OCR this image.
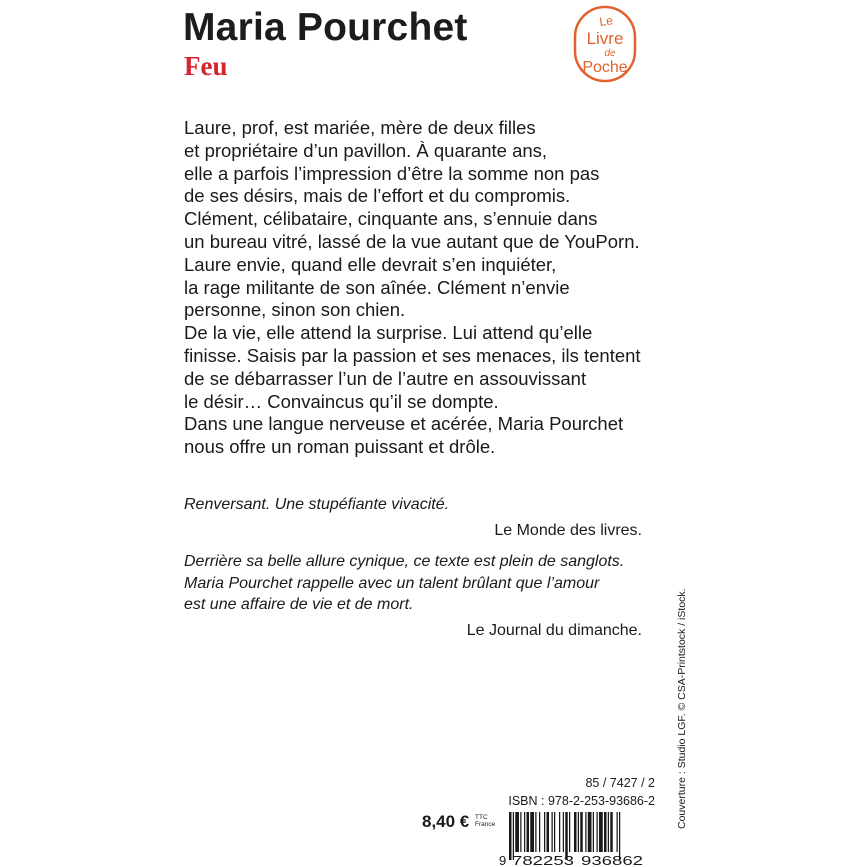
Maria Pourchet
Feu
Le
Livre
de
Poche
Laure, prof, est mariée, mère de deux filles
et propriétaire d’un pavillon. À quarante ans,
elle a parfois l’impression d’être la somme non pas
de ses désirs, mais de l’effort et du compromis.
Clément, célibataire, cinquante ans, s’ennuie dans
un bureau vitré, lassé de la vue autant que de YouPorn.
Laure envie, quand elle devrait s’en inquiéter,
la rage militante de son aînée. Clément n’envie
personne, sinon son chien.
De la vie, elle attend la surprise. Lui attend qu’elle
finisse. Saisis par la passion et ses menaces, ils tentent
de se débarrasser l’un de l’autre en assouvissant
le désir… Convaincus qu’il se dompte.
Dans une langue nerveuse et acérée, Maria Pourchet
nous offre un roman puissant et drôle.
Renversant. Une stupéfiante vivacité.
Le Monde des livres.
Derrière sa belle allure cynique, ce texte est plein de sanglots.
Maria Pourchet rappelle avec un talent brûlant que l’amour
est une affaire de vie et de mort.
Le Journal du dimanche.	Couverture : Studio LGF. © CSA-Printstock / iStock.
85 / 7427 / 2
ISBN : 978-2-253-93686-2
8,40 € TTC
France
9 782253 936862
